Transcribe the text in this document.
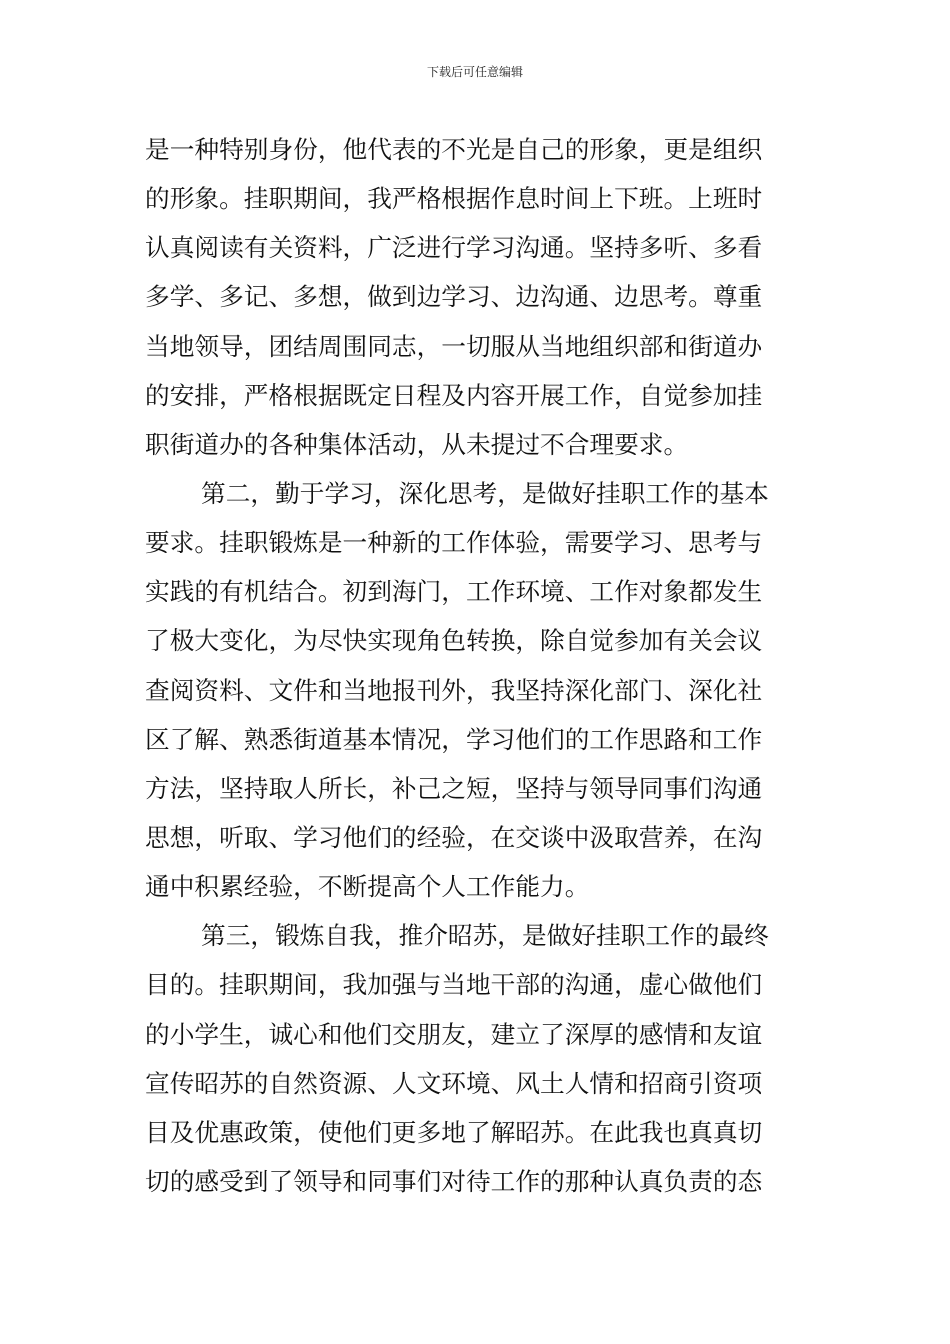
下载后可任意编辑
是一种特别身份，他代表的不光是自己的形象，更是组织
的形象。挂职期间，我严格根据作息时间上下班。上班时
认真阅读有关资料，广泛进行学习沟通。坚持多听、多看
多学、多记、多想，做到边学习、边沟通、边思考。尊重
当地领导，团结周围同志，一切服从当地组织部和街道办
的安排，严格根据既定日程及内容开展工作，自觉参加挂
职街道办的各种集体活动，从未提过不合理要求。
第二，勤于学习，深化思考，是做好挂职工作的基本
要求。挂职锻炼是一种新的工作体验，需要学习、思考与
实践的有机结合。初到海门，工作环境、工作对象都发生
了极大变化，为尽快实现角色转换，除自觉参加有关会议
查阅资料、文件和当地报刊外，我坚持深化部门、深化社
区了解、熟悉街道基本情况，学习他们的工作思路和工作
方法，坚持取人所长，补己之短，坚持与领导同事们沟通
思想，听取、学习他们的经验，在交谈中汲取营养，在沟
通中积累经验，不断提高个人工作能力。
第三，锻炼自我，推介昭苏，是做好挂职工作的最终
目的。挂职期间，我加强与当地干部的沟通，虚心做他们
的小学生，诚心和他们交朋友，建立了深厚的感情和友谊
宣传昭苏的自然资源、人文环境、风土人情和招商引资项
目及优惠政策，使他们更多地了解昭苏。在此我也真真切
切的感受到了领导和同事们对待工作的那种认真负责的态
